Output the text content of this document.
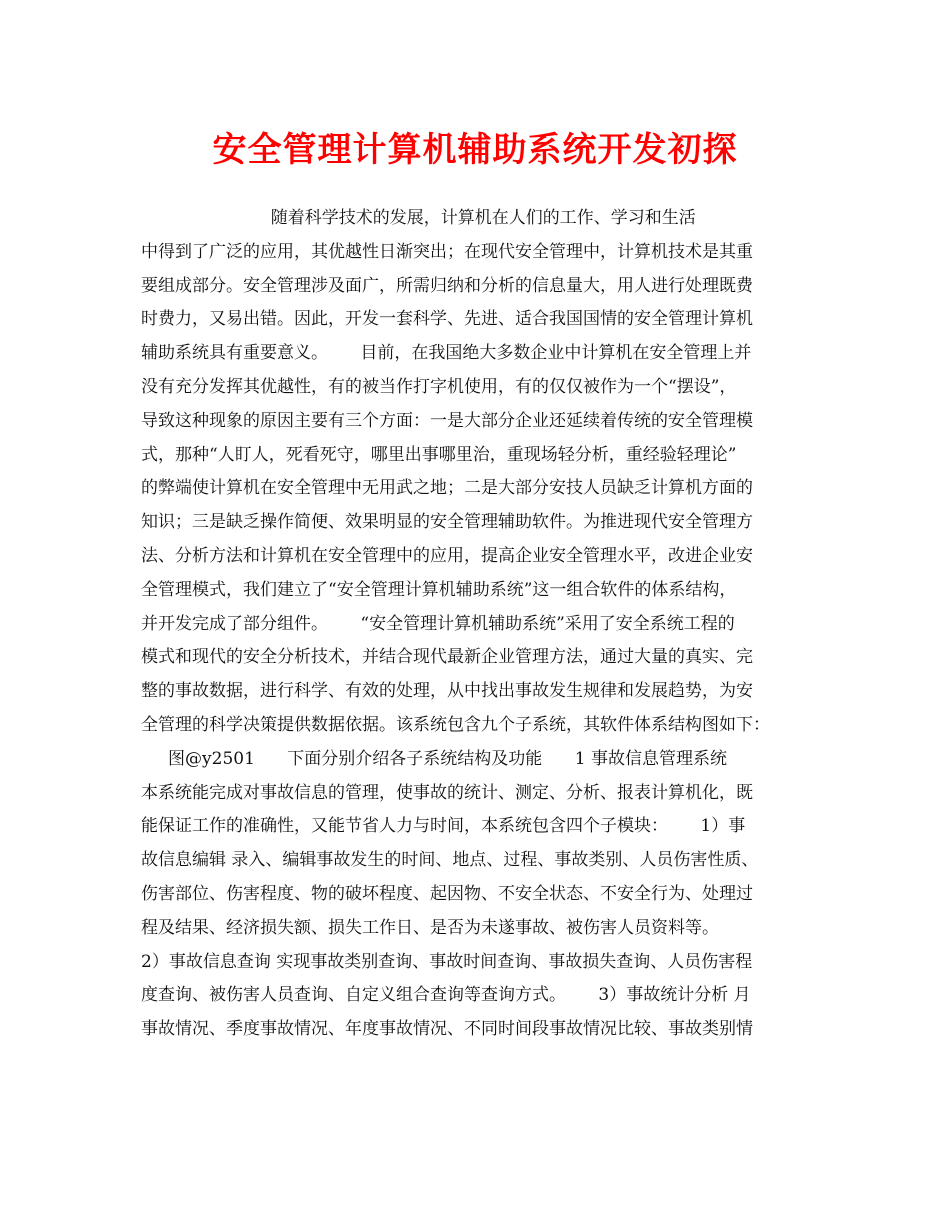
安全管理计算机辅助系统开发初探
随着科学技术的发展，计算机在人们的工作、学习和生活
中得到了广泛的应用，其优越性日渐突出；在现代安全管理中，计算机技术是其重
要组成部分。安全管理涉及面广，所需归纳和分析的信息量大，用人进行处理既费
时费力，又易出错。因此，开发一套科学、先进、适合我国国情的安全管理计算机
辅助系统具有重要意义。      目前，在我国绝大多数企业中计算机在安全管理上并
没有充分发挥其优越性，有的被当作打字机使用，有的仅仅被作为一个“摆设”，
导致这种现象的原因主要有三个方面：一是大部分企业还延续着传统的安全管理模
式，那种“人盯人，死看死守，哪里出事哪里治，重现场轻分析，重经验轻理论”
的弊端使计算机在安全管理中无用武之地；二是大部分安技人员缺乏计算机方面的
知识；三是缺乏操作简便、效果明显的安全管理辅助软件。为推进现代安全管理方
法、分析方法和计算机在安全管理中的应用，提高企业安全管理水平，改进企业安
全管理模式，我们建立了“安全管理计算机辅助系统”这一组合软件的体系结构，
并开发完成了部分组件。      “安全管理计算机辅助系统”采用了安全系统工程的
模式和现代的安全分析技术，并结合现代最新企业管理方法，通过大量的真实、完
整的事故数据，进行科学、有效的处理，从中找出事故发生规律和发展趋势，为安
全管理的科学决策提供数据依据。该系统包含九个子系统，其软件体系结构图如下：
图@y2501      下面分别介绍各子系统结构及功能      1 事故信息管理系统
本系统能完成对事故信息的管理，使事故的统计、测定、分析、报表计算机化，既
能保证工作的准确性，又能节省人力与时间，本系统包含四个子模块：      1）事
故信息编辑 录入、编辑事故发生的时间、地点、过程、事故类别、人员伤害性质、
伤害部位、伤害程度、物的破坏程度、起因物、不安全状态、不安全行为、处理过
程及结果、经济损失额、损失工作日、是否为未遂事故、被伤害人员资料等。
2）事故信息查询 实现事故类别查询、事故时间查询、事故损失查询、人员伤害程
度查询、被伤害人员查询、自定义组合查询等查询方式。      3）事故统计分析 月
事故情况、季度事故情况、年度事故情况、不同时间段事故情况比较、事故类别情
